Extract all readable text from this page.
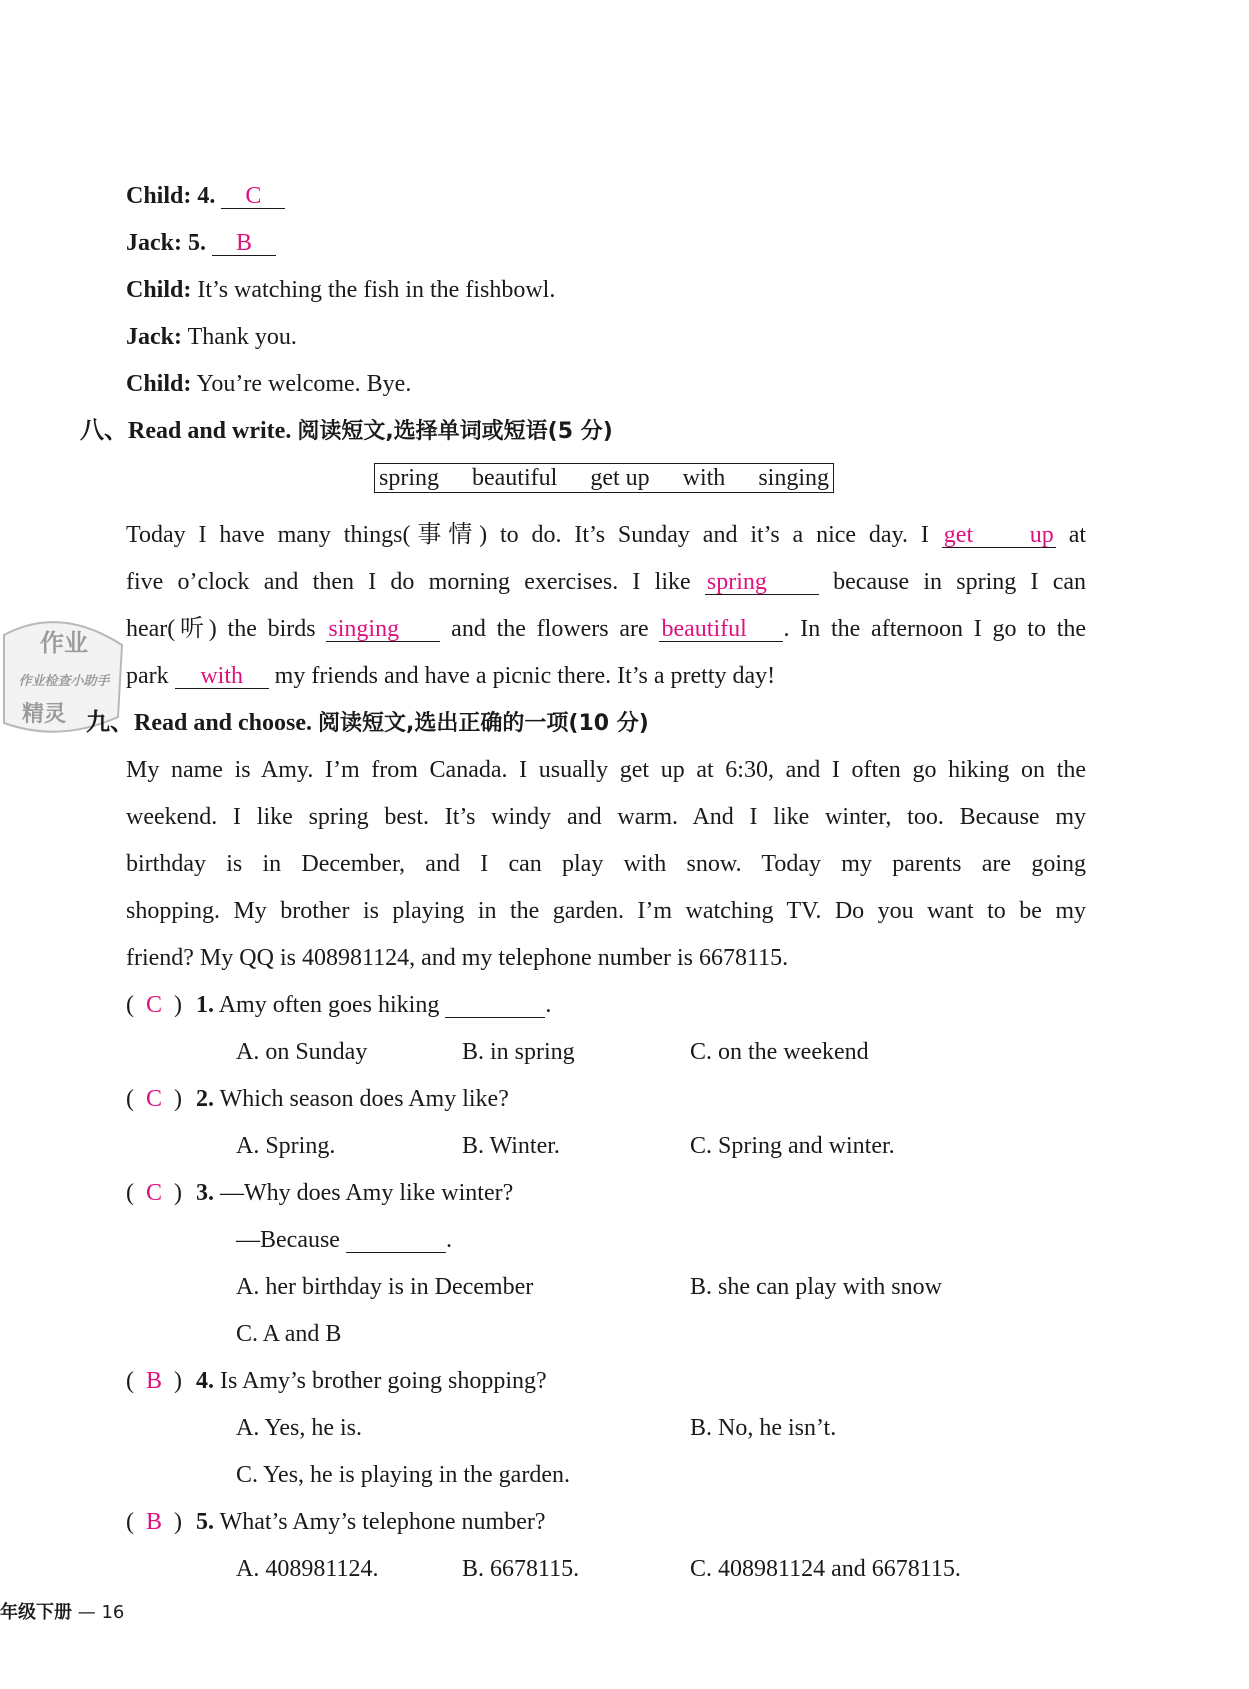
Child: 4. C
Jack: 5. B
Child: It’s watching the fish in the fishbowl.
Jack: Thank you.
Child: You’re welcome. Bye.
八、Read and write. 阅读短文,选择单词或短语(5 分)
spring beautiful get up with singing
Today I have many things(事情) to do. It’s Sunday and it’s a nice day. I get up at
five o’clock and then I do morning exercises. I like spring	because in spring I can
hear(听) the birds singing and the flowers are beautiful . In the afternoon I go to the
park with my friends and have a picnic there. It’s a pretty day!
作业
作业检查小助手
精灵 九、Read and choose. 阅读短文,选出正确的一项(10 分)
My name is Amy. I’m from Canada. I usually get up at 6:30, and I often go hiking on the
weekend. I like spring best. It’s windy and warm. And I like winter, too. Because my
birthday is in December, and I can play with snow. Today my parents are going
shopping. My brother is playing in the garden. I’m watching TV. Do you want to be my
friend? My QQ is 408981124, and my telephone number is 6678115.
(  C  ) 1. Amy often goes hiking	.
A. on Sunday	B. in spring	C. on the weekend
(  C  ) 2. Which season does Amy like?
A. Spring.	B. Winter.	C. Spring and winter.
(  C  ) 3. —Why does Amy like winter?
—Because	.
A. her birthday is in December	B. she can play with snow
C. A and B
(  B  ) 4. Is Amy’s brother going shopping?
A. Yes, he is.	B. No, he isn’t.
C. Yes, he is playing in the garden.
(  B  ) 5. What’s Amy’s telephone number?
A. 408981124.	B. 6678115.	C. 408981124 and 6678115.
年级下册 — 16
